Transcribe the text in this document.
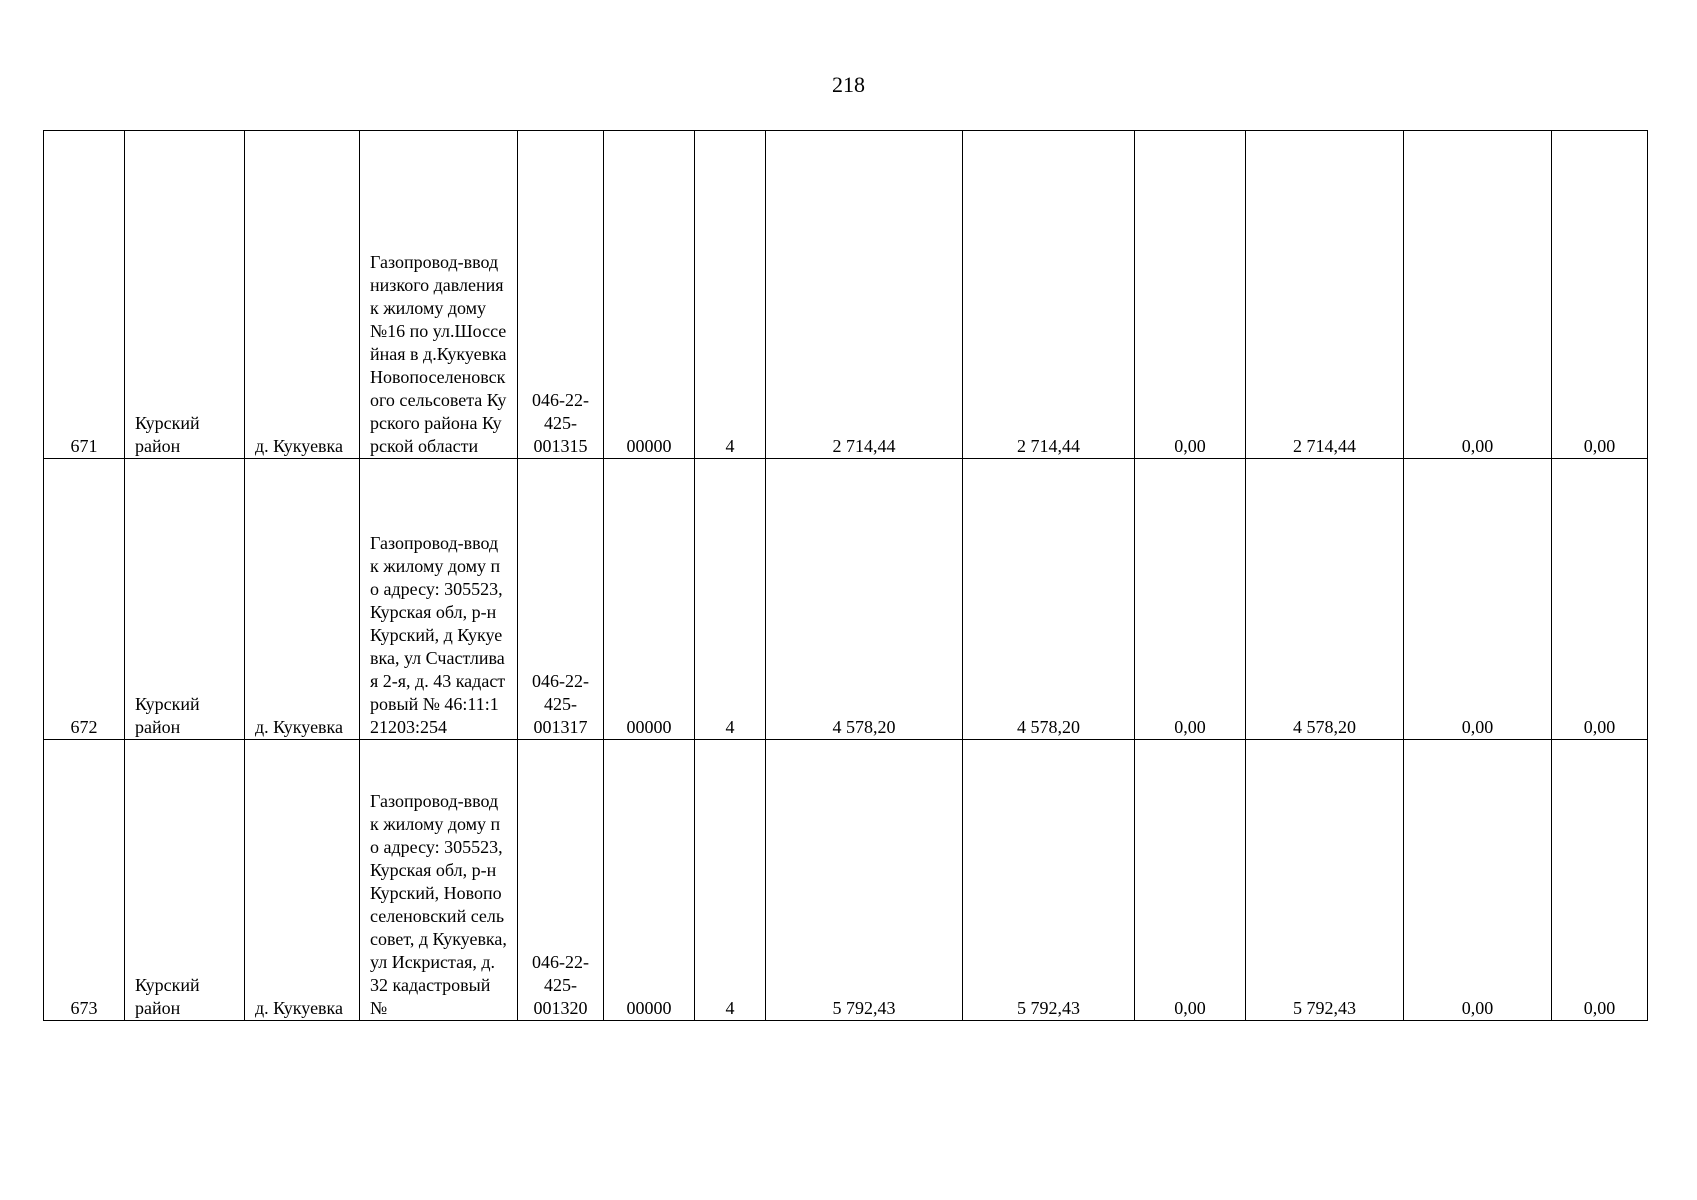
218
671	Курский район	д. Кукуевка	Газопровод-ввод низкого давления к жилому дому №16 по ул.Шоссейная в д.Кукуевка Новопоселеновского сельсовета Курского района Курской области	046-22-425-001315	00000	4	2 714,44	2 714,44	0,00	2 714,44	0,00	0,00
672	Курский район	д. Кукуевка	Газопровод-ввод к жилому дому по адресу: 305523, Курская обл, р-н Курский, д Кукуевка, ул Счастливая 2-я, д. 43 кадастровый № 46:11:121203:254	046-22-425-001317	00000	4	4 578,20	4 578,20	0,00	4 578,20	0,00	0,00
673	Курский район	д. Кукуевка	Газопровод-ввод к жилому дому по адресу: 305523, Курская обл, р-н Курский, Новопоселеновский сельсовет, д Кукуевка, ул Искристая, д. 32 кадастровый №	046-22-425-001320	00000	4	5 792,43	5 792,43	0,00	5 792,43	0,00	0,00
